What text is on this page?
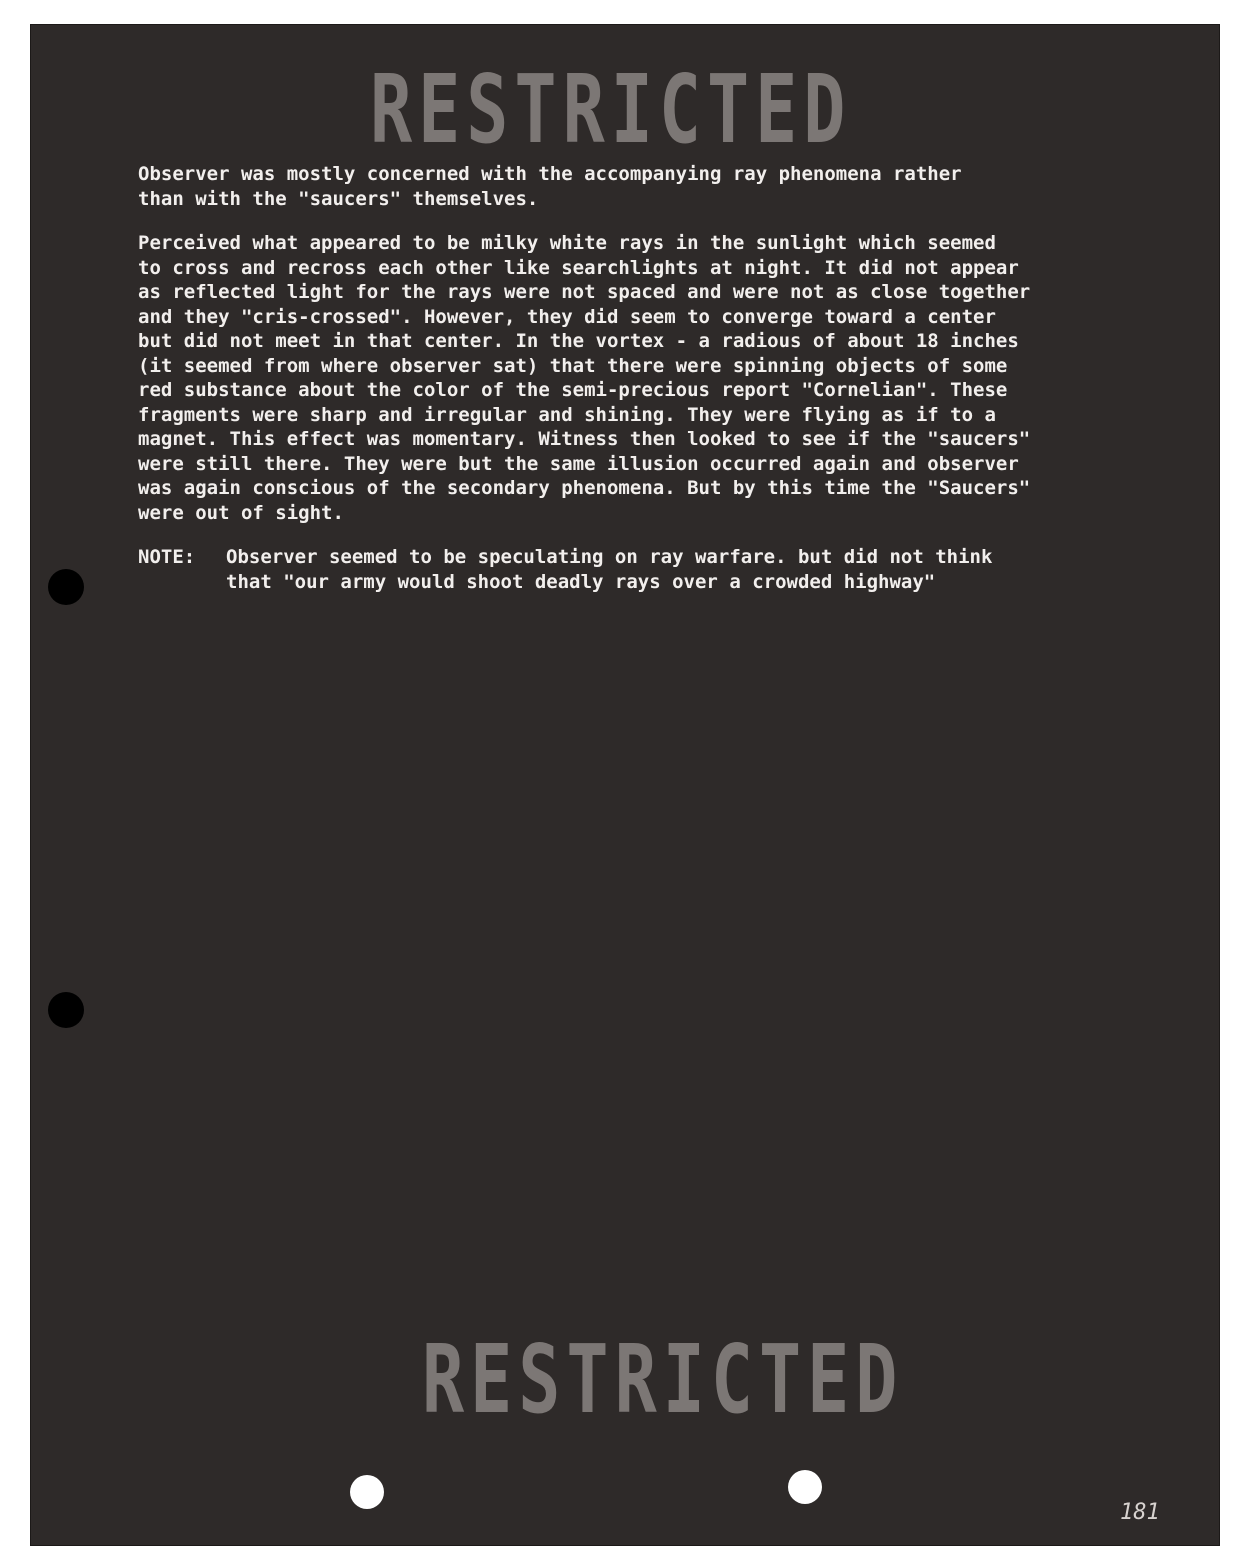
RESTRICTED

Observer was mostly concerned with the accompanying ray phenomena rather
than with the "saucers" themselves.

Perceived what appeared to be milky white rays in the sunlight which seemed
to cross and recross each other like searchlights at night. It did not appear
as reflected light for the rays were not spaced and were not as close together
and they "cris-crossed". However, they did seem to converge toward a center
but did not meet in that center. In the vortex - a radious of about 18 inches
(it seemed from where observer sat) that there were spinning objects of some
red substance about the color of the semi-precious report "Cornelian". These
fragments were sharp and irregular and shining. They were flying as if to a
magnet. This effect was momentary. Witness then looked to see if the "saucers"
were still there. They were but the same illusion occurred again and observer
was again conscious of the secondary phenomena. But by this time the "Saucers"
were out of sight.

NOTE:	Observer seemed to be speculating on ray warfare. but did not think
that "our army would shoot deadly rays over a crowded highway"
RESTRICTED
181
